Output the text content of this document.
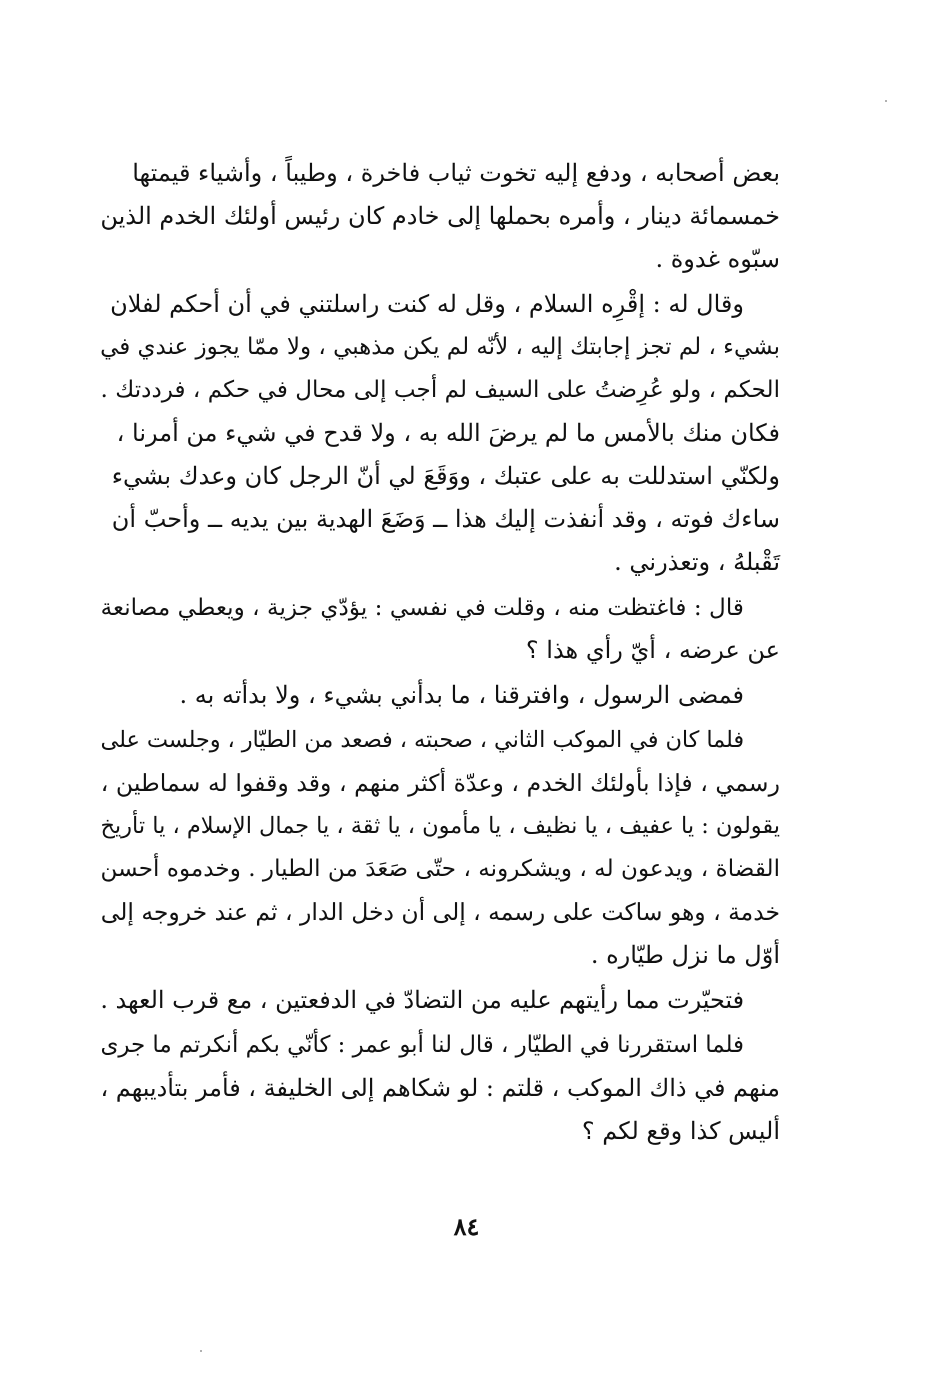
بعض أصحابه ، ودفع إليه تخوت ثياب فاخرة ، وطيباً ، وأشياء قيمتها
خمسمائة دينار ، وأمره بحملها إلى خادم كان رئيس أولئك الخدم الذين
سبّوه غدوة .

وقال له : إقْرِه السلام ، وقل له كنت راسلتني في أن أحكم لفلان
بشيء ، لم تجز إجابتك إليه ، لأنّه لم يكن مذهبي ، ولا ممّا يجوز عندي في
الحكم ، ولو عُرِضتُ على السيف لم أجب إلى محال في حكم ، فرددتك .
فكان منك بالأمس ما لم يرضَ الله به ، ولا قدح في شيء من أمرنا ،
ولكنّي استدللت به على عتبك ، ووَقَعَ لي أنّ الرجل كان وعدك بشيء
ساءك فوته ، وقد أنفذت إليك هذا ــ وَضَعَ الهدية بين يديه ــ وأحبّ أن
تَقْبلهُ ، وتعذرني .

قال : فاغتظت منه ، وقلت في نفسي : يؤدّي جزية ، ويعطي مصانعة
عن عرضه ، أيّ رأي هذا ؟

فمضى الرسول ، وافترقنا ، ما بدأني بشيء ، ولا بدأته به .

فلما كان في الموكب الثاني ، صحبته ، فصعد من الطيّار ، وجلست على
رسمي ، فإذا بأولئك الخدم ، وعدّة أكثر منهم ، وقد وقفوا له سماطين ،
يقولون : يا عفيف ، يا نظيف ، يا مأمون ، يا ثقة ، يا جمال الإسلام ، يا تأريخ
القضاة ، ويدعون له ، ويشكرونه ، حتّى صَعَدَ من الطيار . وخدموه أحسن
خدمة ، وهو ساكت على رسمه ، إلى أن دخل الدار ، ثم عند خروجه إلى
أوّل ما نزل طيّاره .

فتحيّرت مما رأيتهم عليه من التضادّ في الدفعتين ، مع قرب العهد .

فلما استقررنا في الطيّار ، قال لنا أبو عمر : كأنّي بكم أنكرتم ما جرى
منهم في ذاك الموكب ، قلتم : لو شكاهم إلى الخليفة ، فأمر بتأديبهم ،
أليس كذا وقع لكم ؟

٨٤
